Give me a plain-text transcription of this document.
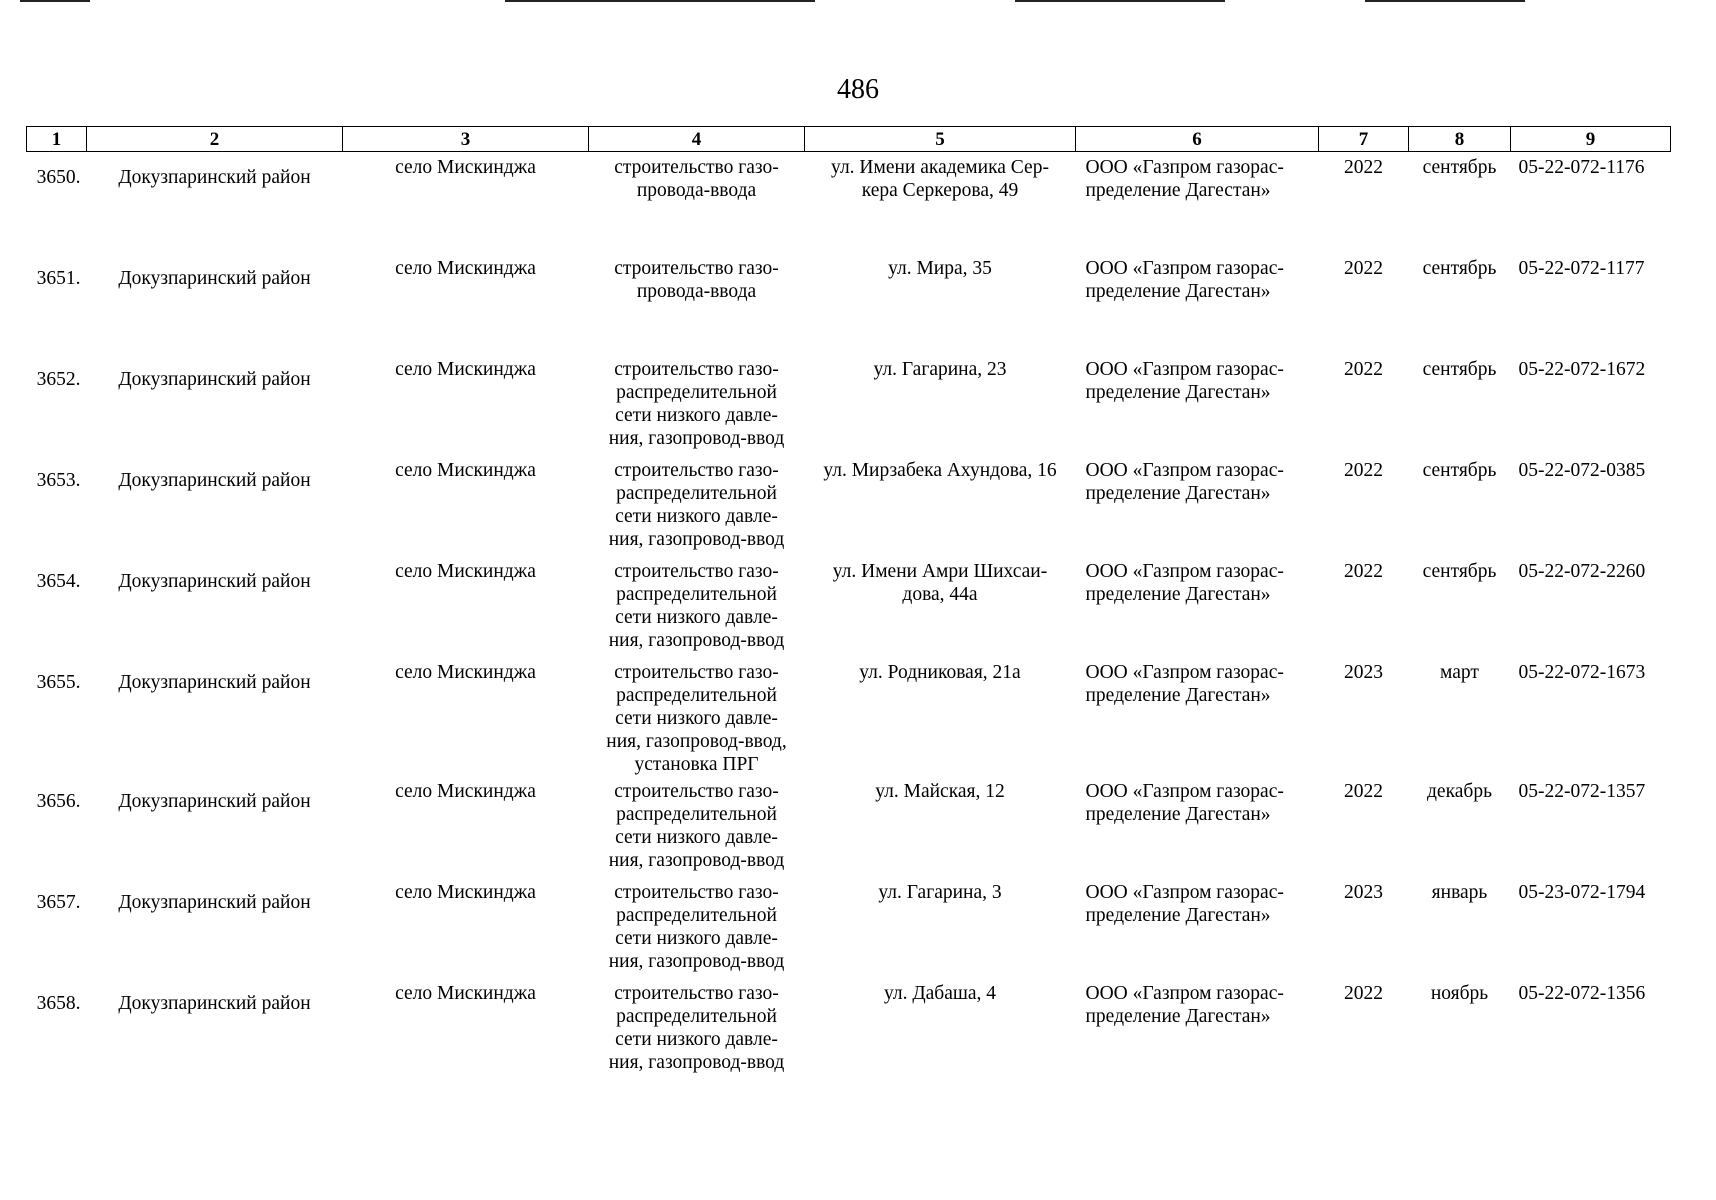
486
1	2	3	4	5	6	7	8	9
3650.	Докузпаринский район	село Мискинджа	строительство газо-провода-ввода	ул. Имени академика Сер-кера Серкерова, 49	ООО «Газпром газорас-пределение Дагестан»	2022	сентябрь	05-22-072-1176
3651.	Докузпаринский район	село Мискинджа	строительство газо-провода-ввода	ул. Мира, 35	ООО «Газпром газорас-пределение Дагестан»	2022	сентябрь	05-22-072-1177
3652.	Докузпаринский район	село Мискинджа	строительство газо-распределительной сети низкого давле-ния, газопровод-ввод	ул. Гагарина, 23	ООО «Газпром газорас-пределение Дагестан»	2022	сентябрь	05-22-072-1672
3653.	Докузпаринский район	село Мискинджа	строительство газо-распределительной сети низкого давле-ния, газопровод-ввод	ул. Мирзабека Ахундова, 16	ООО «Газпром газорас-пределение Дагестан»	2022	сентябрь	05-22-072-0385
3654.	Докузпаринский район	село Мискинджа	строительство газо-распределительной сети низкого давле-ния, газопровод-ввод	ул. Имени Амри Шихсаи-дова, 44а	ООО «Газпром газорас-пределение Дагестан»	2022	сентябрь	05-22-072-2260
3655.	Докузпаринский район	село Мискинджа	строительство газо-распределительной сети низкого давле-ния, газопровод-ввод, установка ПРГ	ул. Родниковая, 21а	ООО «Газпром газорас-пределение Дагестан»	2023	март	05-22-072-1673
3656.	Докузпаринский район	село Мискинджа	строительство газо-распределительной сети низкого давле-ния, газопровод-ввод	ул. Майская, 12	ООО «Газпром газорас-пределение Дагестан»	2022	декабрь	05-22-072-1357
3657.	Докузпаринский район	село Мискинджа	строительство газо-распределительной сети низкого давле-ния, газопровод-ввод	ул. Гагарина, 3	ООО «Газпром газорас-пределение Дагестан»	2023	январь	05-23-072-1794
3658.	Докузпаринский район	село Мискинджа	строительство газо-распределительной сети низкого давле-ния, газопровод-ввод	ул. Дабаша, 4	ООО «Газпром газорас-пределение Дагестан»	2022	ноябрь	05-22-072-1356
